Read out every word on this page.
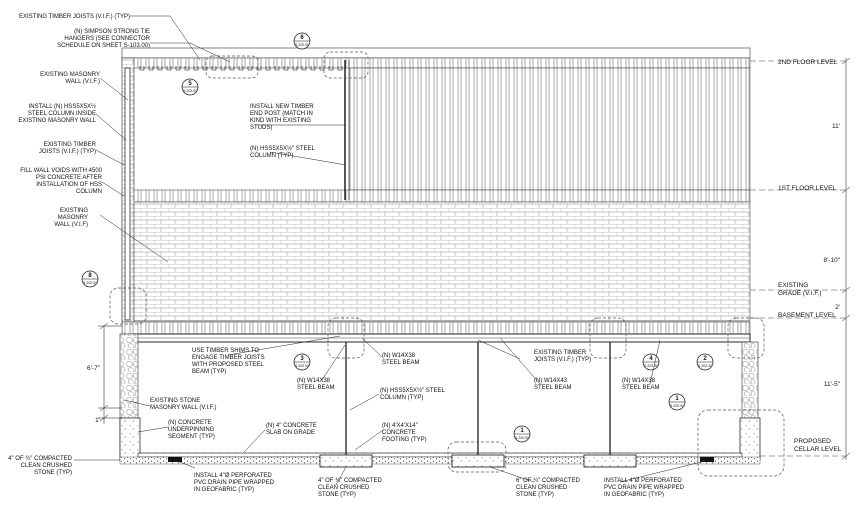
2ND FLOOR LEVEL
1ST FLOOR LEVEL
EXISTING
GRADE (V.I.F.)
BASEMENT LEVEL
PROPOSED
CELLAR LEVEL
11'
8'-10"
2'
11'-5"
6'-7"
1'
6
S-202.00
5
S-202.00
8
S-202.00
3
S-202.00
4
S-202.00
2
S-202.00
1
S-202.00
1
S-202.00
EXISTING TIMBER JOISTS (V.I.F.) (TYP)
(N) SIMPSON STRONG TIE
HANGERS (SEE CONNECTOR
SCHEDULE ON SHEET S-103.00)
EXISTING MASONRY
WALL (V.I.F.)
INSTALL (N) HSS5X5X½
STEEL COLUMN INSIDE
EXISTING MASONRY WALL
EXISTING TIMBER
JOISTS (V.I.F.) (TYP)
FILL WALL VOIDS WITH 4500
PSI CONCRETE AFTER
INSTALLATION OF HSS
COLUMN
EXISTING
MASONRY
WALL (V.I.F)
INSTALL NEW TIMBER
END POST (MATCH IN
KIND WITH EXISTING
STUDS)
(N) HSS5X5X½" STEEL
COLUMN (TYP)
USE TIMBER SHIMS TO
ENGAGE TIMBER JOISTS
WITH PROPOSED STEEL
BEAM (TYP)
(N) W14X38
STEEL BEAM
(N) W14X38
STEEL BEAM
(N) HSS5X5X½" STEEL
COLUMN (TYP)
(N) 4'X4'X14"
CONCRETE
FOOTING (TYP)
EXISTING TIMBER
JOISTS (V.I.F.) (TYP)
(N) W14X43
STEEL BEAM
(N) W14X38
STEEL BEAM
EXISTING STONE
MASONRY WALL (V.I.F.)
(N) CONCRETE
UNDERPINNING
SEGMENT (TYP)
(N) 4" CONCRETE
SLAB ON GRADE
4" OF ¾" COMPACTED
CLEAN CRUSHED
STONE (TYP)	INSTALL 4"Ø PERFORATED
PVC DRAIN PIPE WRAPPED
IN GEOFABRIC (TYP)
4" OF ¾" COMPACTED
CLEAN CRUSHED
STONE (TYP)
6" OF ¾" COMPACTED
CLEAN CRUSHED
STONE (TYP)
INSTALL 4"Ø PERFORATED
PVC DRAIN PIPE WRAPPED
IN GEOFABRIC (TYP)
